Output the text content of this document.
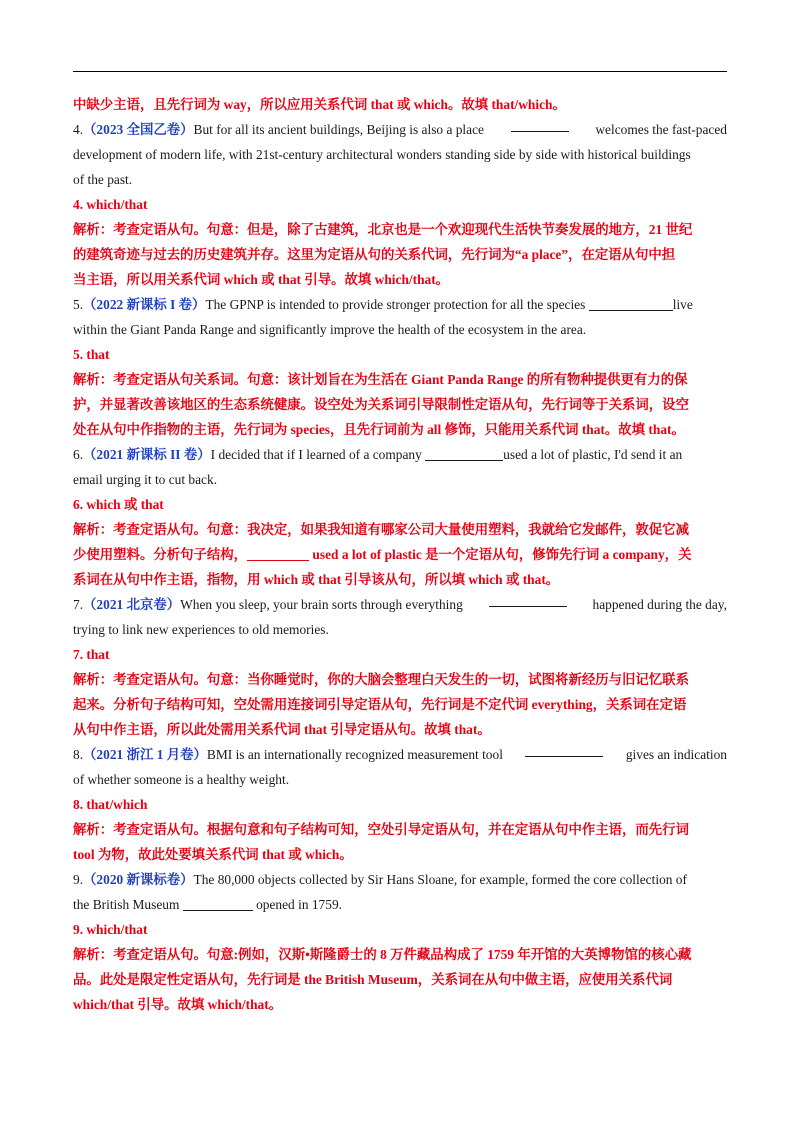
中缺少主语，且先行词为 way，所以应用关系代词 that 或 which。故填 that/which。
4.（2023 全国乙卷）But for all its ancient buildings, Beijing is also a place	welcomes the fast-paced
development of modern life, with 21st-century architectural wonders standing side by side with historical buildings
of the past.
4. which/that
解析：考查定语从句。句意：但是，除了古建筑，北京也是一个欢迎现代生活快节奏发展的地方，21 世纪
的建筑奇迹与过去的历史建筑并存。这里为定语从句的关系代词，先行词为“a place”，在定语从句中担
当主语，所以用关系代词 which 或 that 引导。故填 which/that。
5.（2022 新课标 I 卷）The GPNP is intended to provide stronger protection for all the species	live
within the Giant Panda Range and significantly improve the health of the ecosystem in the area.
5. that
解析：考查定语从句关系词。句意：该计划旨在为生活在 Giant Panda Range 的所有物种提供更有力的保
护，并显著改善该地区的生态系统健康。设空处为关系词引导限制性定语从句，先行词等于关系词，设空
处在从句中作指物的主语，先行词为 species，且先行词前为 all 修饰，只能用关系代词 that。故填 that。
6.（2021 新课标 II 卷）I decided that if I learned of a company	used a lot of plastic, I'd send it an
email urging it to cut back.
6. which 或 that
解析：考查定语从句。句意：我决定，如果我知道有哪家公司大量使用塑料，我就给它发邮件，敦促它减
少使用塑料。分析句子结构，	used a lot of plastic 是一个定语从句，修饰先行词 a company，关
系词在从句中作主语，指物，用 which 或 that 引导该从句，所以填 which 或 that。
7.（2021 北京卷）When you sleep, your brain sorts through everything	happened during the day,
trying to link new experiences to old memories.
7. that
解析：考查定语从句。句意：当你睡觉时，你的大脑会整理白天发生的一切，试图将新经历与旧记忆联系
起来。分析句子结构可知，空处需用连接词引导定语从句，先行词是不定代词 everything，关系词在定语
从句中作主语，所以此处需用关系代词 that 引导定语从句。故填 that。
8.（2021 浙江 1 月卷）BMI is an internationally recognized measurement tool	gives an indication
of whether someone is a healthy weight.
8. that/which
解析：考查定语从句。根据句意和句子结构可知，空处引导定语从句，并在定语从句中作主语，而先行词
tool 为物，故此处要填关系代词 that 或 which。
9.（2020 新课标卷）The 80,000 objects collected by Sir Hans Sloane, for example, formed the core collection of
the British Museum	opened in 1759.
9. which/that
解析：考查定语从句。句意:例如，汉斯•斯隆爵士的 8 万件藏品构成了 1759 年开馆的大英博物馆的核心藏
品。此处是限定性定语从句，先行词是 the British Museum，关系词在从句中做主语，应使用关系代词
which/that 引导。故填 which/that。
